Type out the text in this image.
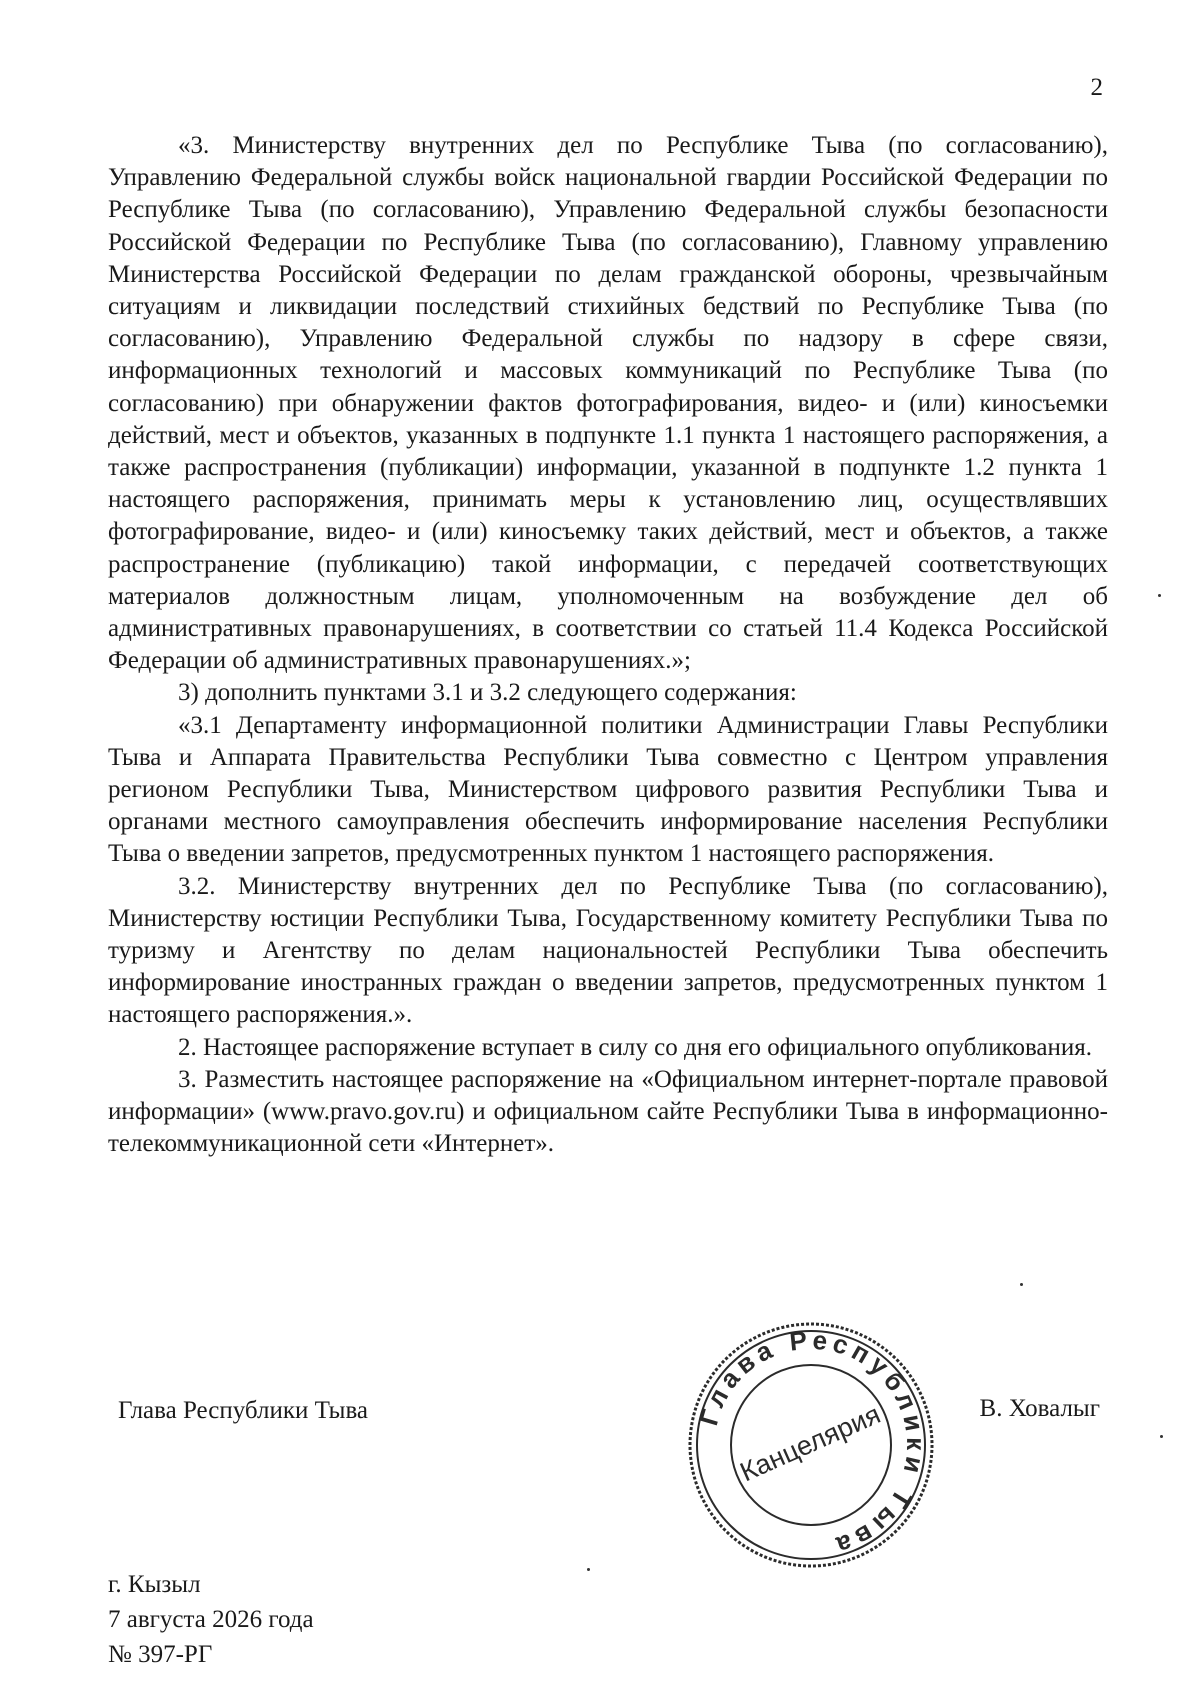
2

«3. Министерству внутренних дел по Республике Тыва (по согласованию), Управлению Федеральной службы войск национальной гвардии Российской Федерации по Республике Тыва (по согласованию), Управлению Федеральной службы безопасности Российской Федерации по Республике Тыва (по согласованию), Главному управлению Министерства Российской Федерации по делам гражданской обороны, чрезвычайным ситуациям и ликвидации последствий стихийных бедствий по Республике Тыва (по согласованию), Управлению Федеральной службы по надзору в сфере связи, информационных технологий и массовых коммуникаций по Республике Тыва (по согласованию) при обнаружении фактов фотографирования, видео- и (или) киносъемки действий, мест и объектов, указанных в подпункте 1.1 пункта 1 настоящего распоряжения, а также распространения (публикации) информации, указанной в подпункте 1.2 пункта 1 настоящего распоряжения, принимать меры к установлению лиц, осуществлявших фотографирование, видео- и (или) киносъемку таких действий, мест и объектов, а также распространение (публикацию) такой информации, с передачей соответствующих материалов должностным лицам, уполномоченным на возбуждение дел об административных правонарушениях, в соответствии со статьей 11.4 Кодекса Российской Федерации об административных правонарушениях.»;

3) дополнить пунктами 3.1 и 3.2 следующего содержания:

«3.1 Департаменту информационной политики Администрации Главы Республики Тыва и Аппарата Правительства Республики Тыва совместно с Центром управления регионом Республики Тыва, Министерством цифрового развития Республики Тыва и органами местного самоуправления обеспечить информирование населения Республики Тыва о введении запретов, предусмотренных пунктом 1 настоящего распоряжения.

3.2. Министерству внутренних дел по Республике Тыва (по согласованию), Министерству юстиции Республики Тыва, Государственному комитету Республики Тыва по туризму и Агентству по делам национальностей Республики Тыва обеспечить информирование иностранных граждан о введении запретов, предусмотренных пунктом 1 настоящего распоряжения.».

2. Настоящее распоряжение вступает в силу со дня его официального опубликования.

3. Разместить настоящее распоряжение на «Официальном интернет-портале правовой информации» (www.pravo.gov.ru) и официальном сайте Республики Тыва в информационно-телекоммуникационной сети «Интернет».

Глава Республики Тыва	В. Ховалыг
Глава Республики Тыва
Канцелярия
г. Кызыл
7 августа 2026 года
№ 397-РГ
